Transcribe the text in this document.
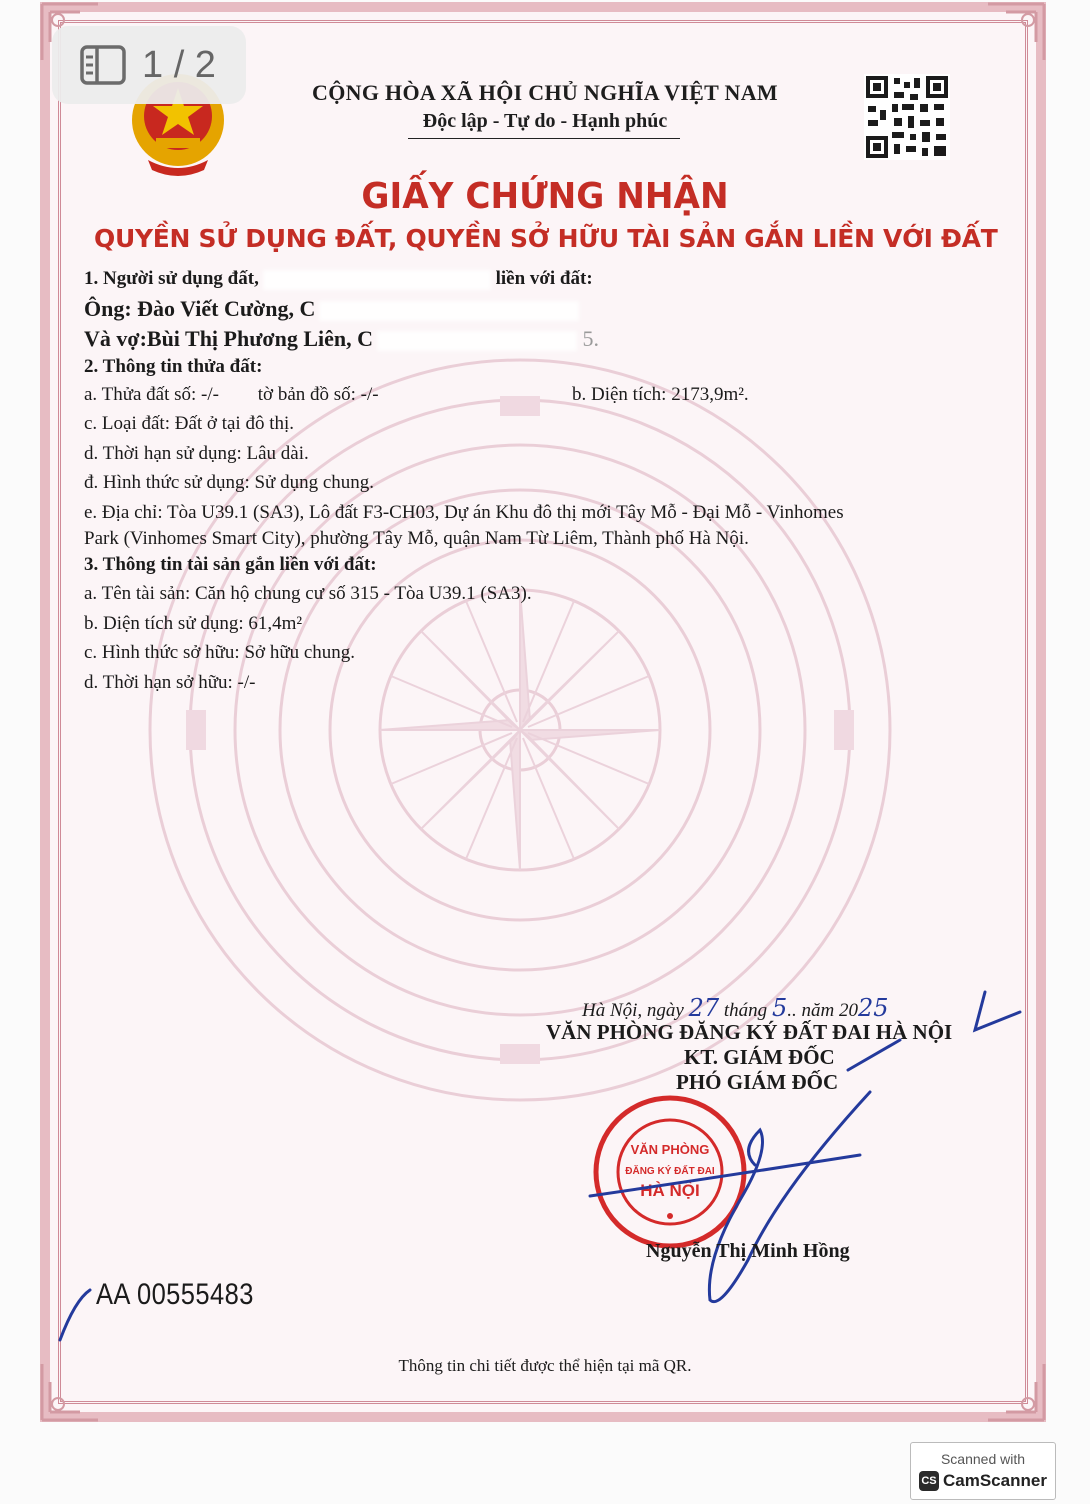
CỘNG HÒA XÃ HỘI CHỦ NGHĨA VIỆT NAM
Độc lập - Tự do - Hạnh phúc
GIẤY CHỨNG NHẬN
QUYỀN SỬ DỤNG ĐẤT, QUYỀN SỞ HỮU TÀI SẢN GẮN LIỀN VỚI ĐẤT
1. Người sử dụng đất,	liền với đất:
Ông: Đào Viết Cường, C
Và vợ:Bùi Thị Phương Liên, C	5.
2. Thông tin thửa đất:
a. Thửa đất số: -/- tờ bản đồ số: -/-	b. Diện tích: 2173,9m².
c. Loại đất: Đất ở tại đô thị.
d. Thời hạn sử dụng: Lâu dài.
đ. Hình thức sử dụng: Sử dụng chung.
e. Địa chỉ: Tòa U39.1 (SA3), Lô đất F3-CH03, Dự án Khu đô thị mới Tây Mỗ - Đại Mỗ - Vinhomes
Park (Vinhomes Smart City), phường Tây Mỗ, quận Nam Từ Liêm, Thành phố Hà Nội.
3. Thông tin tài sản gắn liền với đất:
a. Tên tài sản: Căn hộ chung cư số 315 - Tòa U39.1 (SA3).
b. Diện tích sử dụng: 61,4m²
c. Hình thức sở hữu: Sở hữu chung.
d. Thời hạn sở hữu: -/-
Hà Nội, ngày 27 tháng 5.. năm 2025
VĂN PHÒNG ĐĂNG KÝ ĐẤT ĐAI HÀ NỘI
KT. GIÁM ĐỐC
PHÓ GIÁM ĐỐC
VĂN PHÒNG
ĐĂNG KÝ ĐẤT ĐAI
HÀ NỘI
Nguyễn Thị Minh Hồng
AA 00555483
Thông tin chi tiết được thể hiện tại mã QR.
1 / 2
Scanned with
CS CamScanner
